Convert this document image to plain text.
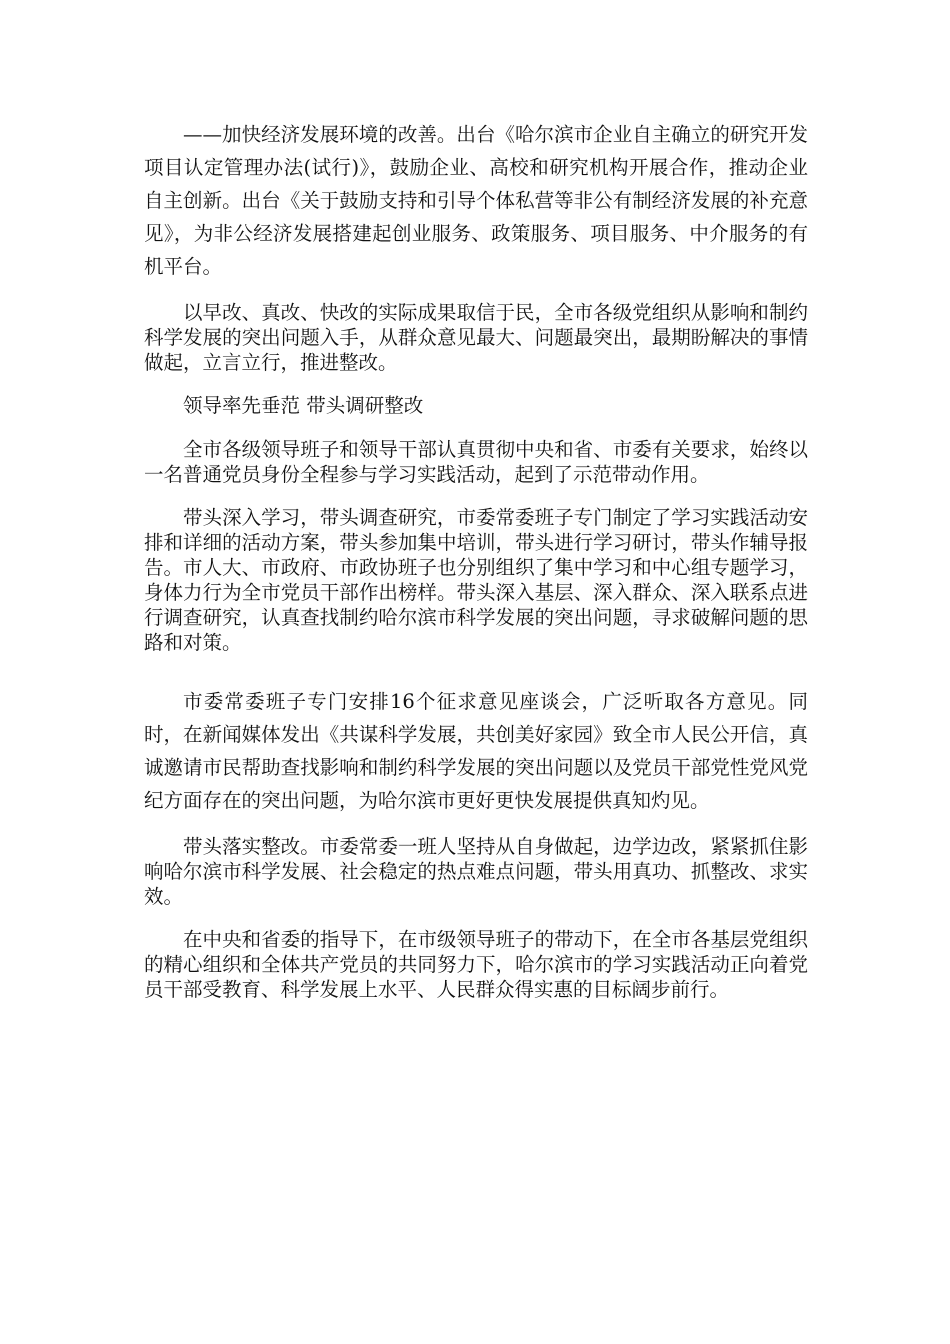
——加快经济发展环境的改善。出台《哈尔滨市企业自主确立的研究开发项目认定管理办法(试行)》，鼓励企业、高校和研究机构开展合作，推动企业自主创新。出台《关于鼓励支持和引导个体私营等非公有制经济发展的补充意见》，为非公经济发展搭建起创业服务、政策服务、项目服务、中介服务的有机平台。

以早改、真改、快改的实际成果取信于民，全市各级党组织从影响和制约科学发展的突出问题入手，从群众意见最大、问题最突出，最期盼解决的事情做起，立言立行，推进整改。

领导率先垂范 带头调研整改

全市各级领导班子和领导干部认真贯彻中央和省、市委有关要求，始终以一名普通党员身份全程参与学习实践活动，起到了示范带动作用。

带头深入学习，带头调查研究，市委常委班子专门制定了学习实践活动安排和详细的活动方案，带头参加集中培训，带头进行学习研讨，带头作辅导报告。市人大、市政府、市政协班子也分别组织了集中学习和中心组专题学习，身体力行为全市党员干部作出榜样。带头深入基层、深入群众、深入联系点进行调查研究，认真查找制约哈尔滨市科学发展的突出问题，寻求破解问题的思路和对策。

市委常委班子专门安排16个征求意见座谈会，广泛听取各方意见。同时，在新闻媒体发出《共谋科学发展，共创美好家园》致全市人民公开信，真诚邀请市民帮助查找影响和制约科学发展的突出问题以及党员干部党性党风党纪方面存在的突出问题，为哈尔滨市更好更快发展提供真知灼见。

带头落实整改。市委常委一班人坚持从自身做起，边学边改，紧紧抓住影响哈尔滨市科学发展、社会稳定的热点难点问题，带头用真功、抓整改、求实效。

在中央和省委的指导下，在市级领导班子的带动下，在全市各基层党组织的精心组织和全体共产党员的共同努力下，哈尔滨市的学习实践活动正向着党员干部受教育、科学发展上水平、人民群众得实惠的目标阔步前行。
